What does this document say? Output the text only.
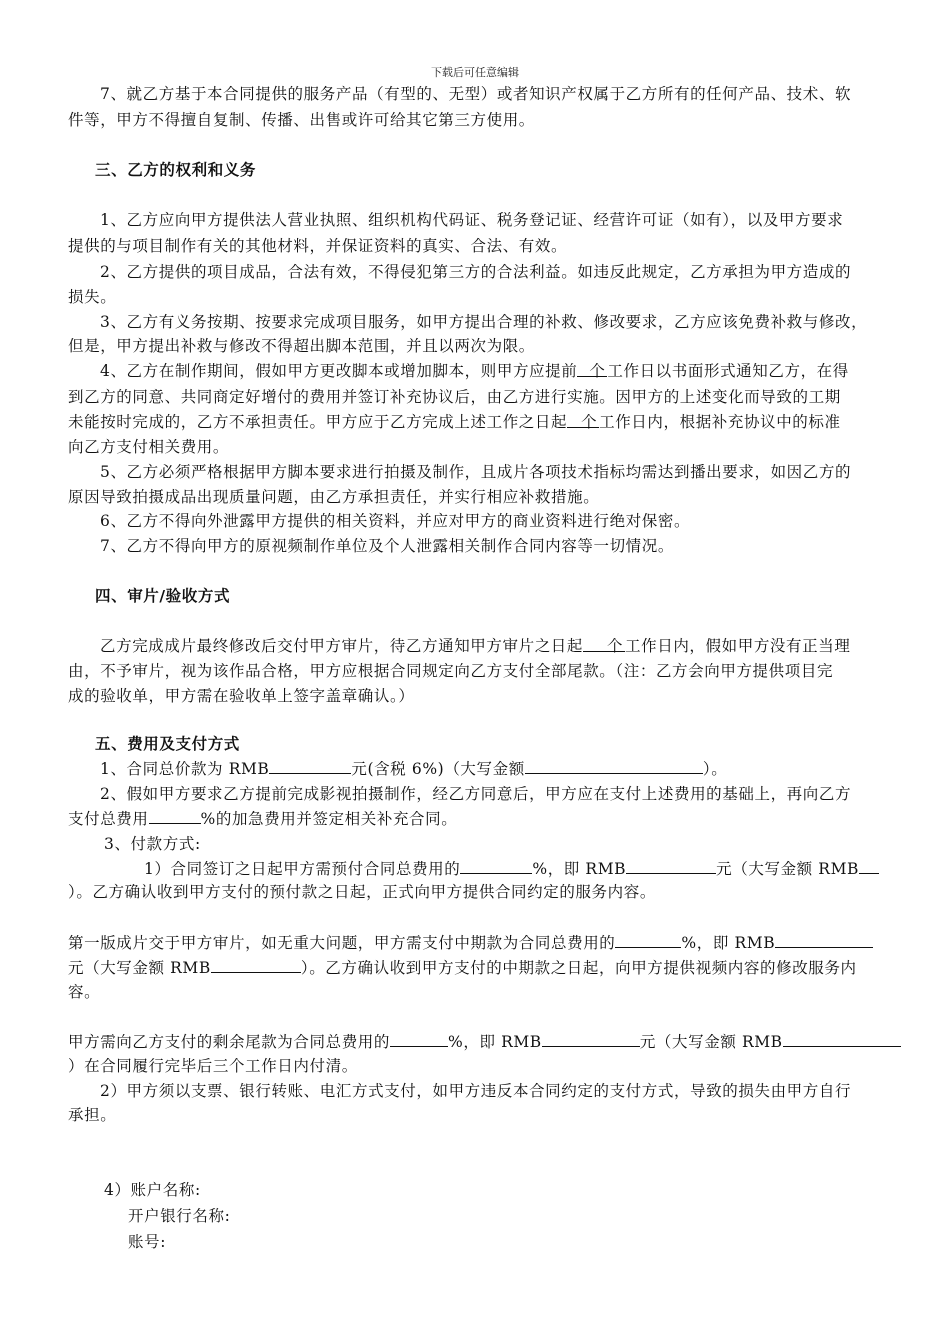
下载后可任意编辑
7、就乙方基于本合同提供的服务产品（有型的、无型）或者知识产权属于乙方所有的任何产品、技术、软
件等，甲方不得擅自复制、传播、出售或许可给其它第三方使用。
三、乙方的权利和义务
1、乙方应向甲方提供法人营业执照、组织机构代码证、税务登记证、经营许可证（如有），以及甲方要求
提供的与项目制作有关的其他材料，并保证资料的真实、合法、有效。
2、乙方提供的项目成品，合法有效，不得侵犯第三方的合法利益。如违反此规定，乙方承担为甲方造成的
损失。
3、乙方有义务按期、按要求完成项目服务，如甲方提出合理的补救、修改要求，乙方应该免费补救与修改，
但是，甲方提出补救与修改不得超出脚本范围，并且以两次为限。
4、乙方在制作期间，假如甲方更改脚本或增加脚本，则甲方应提前 个 工作日以书面形式通知乙方，在得
到乙方的同意、共同商定好增付的费用并签订补充协议后，由乙方进行实施。因甲方的上述变化而导致的工期
未能按时完成的，乙方不承担责任。甲方应于乙方完成上述工作之日起 个 工作日内，根据补充协议中的标准
向乙方支付相关费用。
5、乙方必须严格根据甲方脚本要求进行拍摄及制作，且成片各项技术指标均需达到播出要求，如因乙方的
原因导致拍摄成品出现质量问题，由乙方承担责任，并实行相应补救措施。
6、乙方不得向外泄露甲方提供的相关资料，并应对甲方的商业资料进行绝对保密。
7、乙方不得向甲方的原视频制作单位及个人泄露相关制作合同内容等一切情况。
四、审片/验收方式
乙方完成成片最终修改后交付甲方审片，待乙方通知甲方审片之日起 个 工作日内，假如甲方没有正当理
由，不予审片，视为该作品合格，甲方应根据合同规定向乙方支付全部尾款。（注：乙方会向甲方提供项目完
成的验收单，甲方需在验收单上签字盖章确认。）
五、费用及支付方式
1、合同总价款为 RMB	元(含税 6%)（大写金额	）。
2、假如甲方要求乙方提前完成影视拍摄制作，经乙方同意后，甲方应在支付上述费用的基础上，再向乙方
支付总费用	%的加急费用并签定相关补充合同。
3、付款方式:
1）合同签订之日起甲方需预付合同总费用的	%，即 RMB	元（大写金额 RMB
）。乙方确认收到甲方支付的预付款之日起，正式向甲方提供合同约定的服务内容。
第一版成片交于甲方审片，如无重大问题，甲方需支付中期款为合同总费用的	%，即 RMB
元（大写金额 RMB	）。乙方确认收到甲方支付的中期款之日起，向甲方提供视频内容的修改服务内
容。
甲方需向乙方支付的剩余尾款为合同总费用的	%，即 RMB	元（大写金额 RMB
）在合同履行完毕后三个工作日内付清。
2）甲方须以支票、银行转账、电汇方式支付，如甲方违反本合同约定的支付方式，导致的损失由甲方自行
承担。
4）账户名称:
开户银行名称:
账号:
